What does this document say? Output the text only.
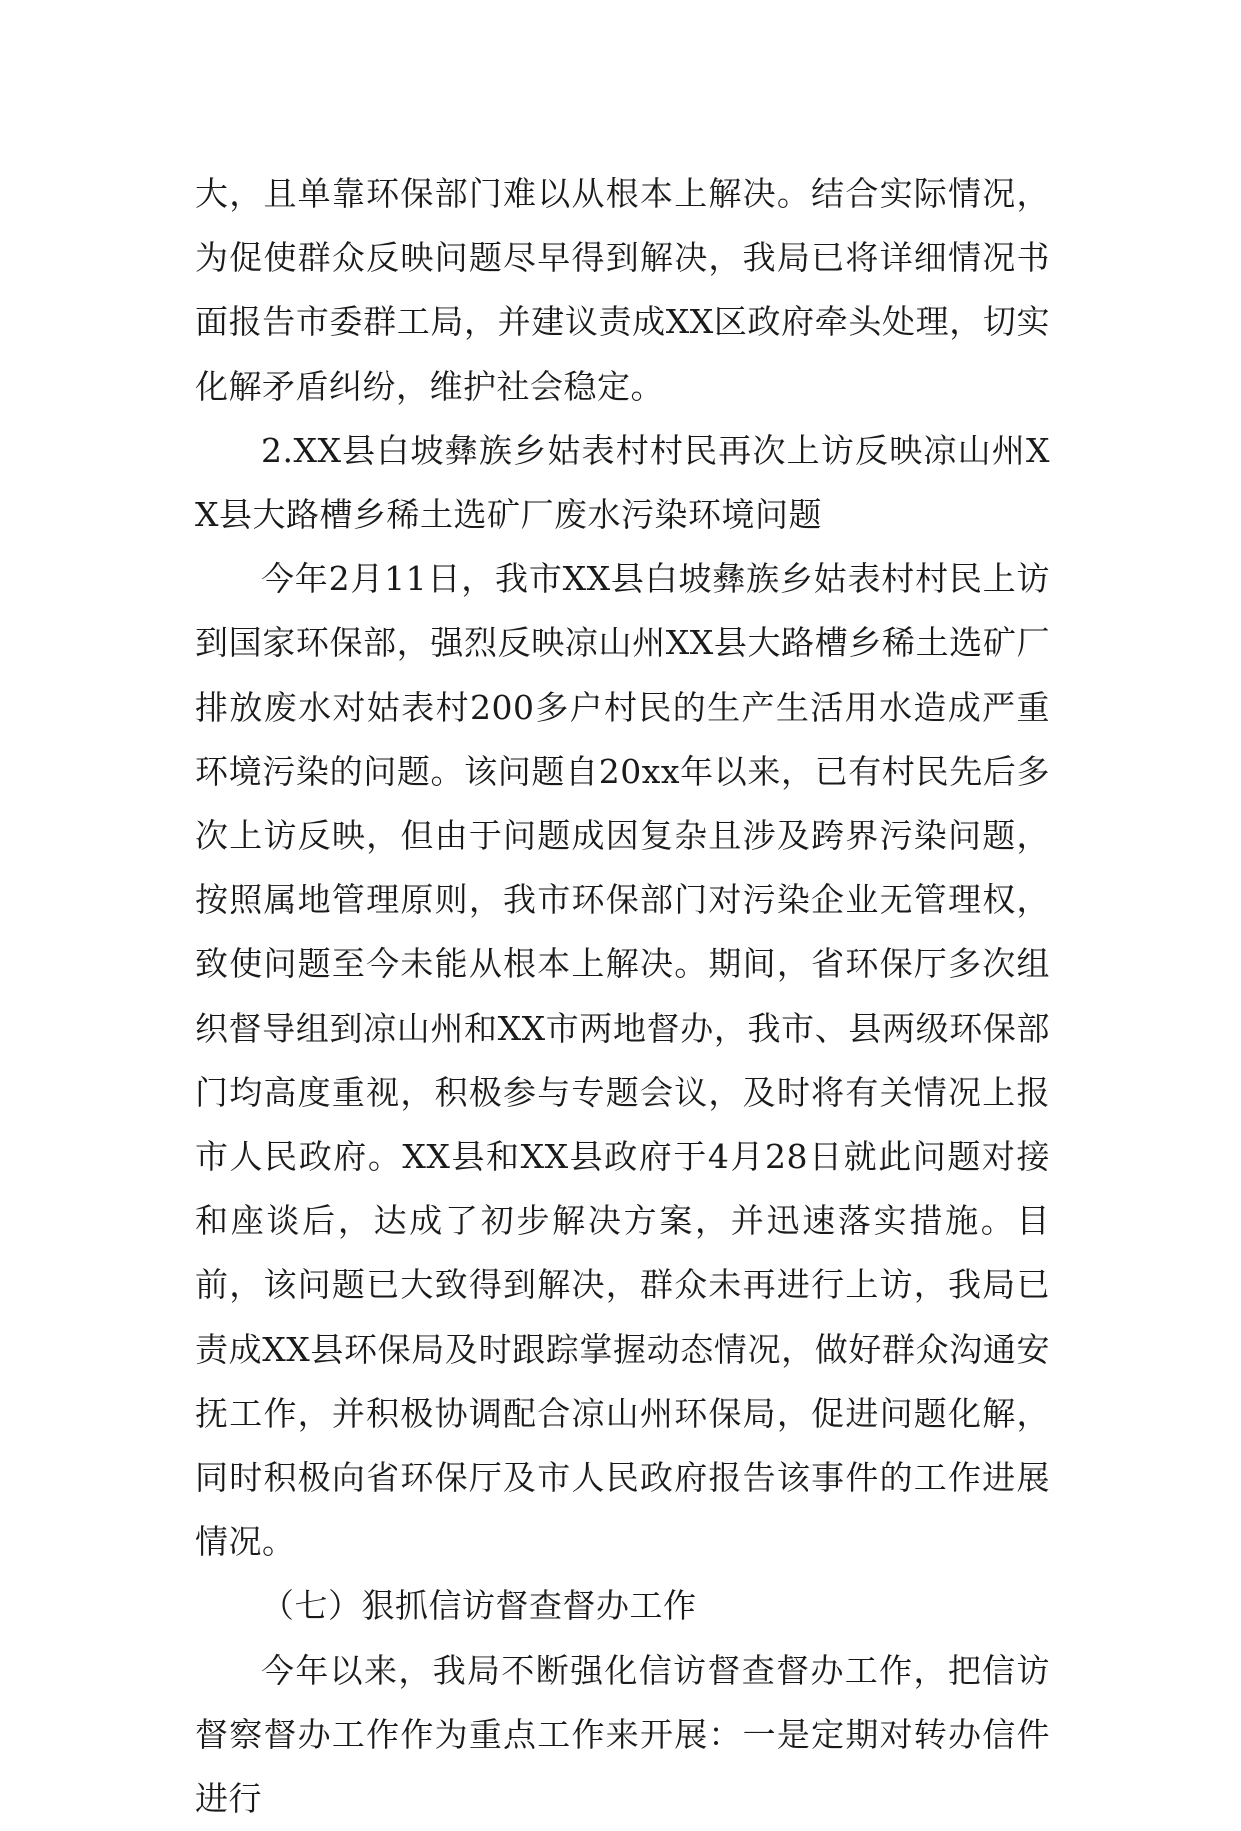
大，且单靠环保部门难以从根本上解决。结合实际情况，为促使群众反映问题尽早得到解决，我局已将详细情况书面报告市委群工局，并建议责成XX区政府牵头处理，切实化解矛盾纠纷，维护社会稳定。

2.XX县白坡彝族乡姑表村村民再次上访反映凉山州XX县大路槽乡稀土选矿厂废水污染环境问题

今年2月11日，我市XX县白坡彝族乡姑表村村民上访到国家环保部，强烈反映凉山州XX县大路槽乡稀土选矿厂排放废水对姑表村200多户村民的生产生活用水造成严重环境污染的问题。该问题自20xx年以来，已有村民先后多次上访反映，但由于问题成因复杂且涉及跨界污染问题，按照属地管理原则，我市环保部门对污染企业无管理权，致使问题至今未能从根本上解决。期间，省环保厅多次组织督导组到凉山州和XX市两地督办，我市、县两级环保部门均高度重视，积极参与专题会议，及时将有关情况上报市人民政府。XX县和XX县政府于4月28日就此问题对接和座谈后，达成了初步解决方案，并迅速落实措施。目前，该问题已大致得到解决，群众未再进行上访，我局已责成XX县环保局及时跟踪掌握动态情况，做好群众沟通安抚工作，并积极协调配合凉山州环保局，促进问题化解，同时积极向省环保厅及市人民政府报告该事件的工作进展情况。

（七）狠抓信访督查督办工作

今年以来，我局不断强化信访督查督办工作，把信访督察督办工作作为重点工作来开展：一是定期对转办信件进行
